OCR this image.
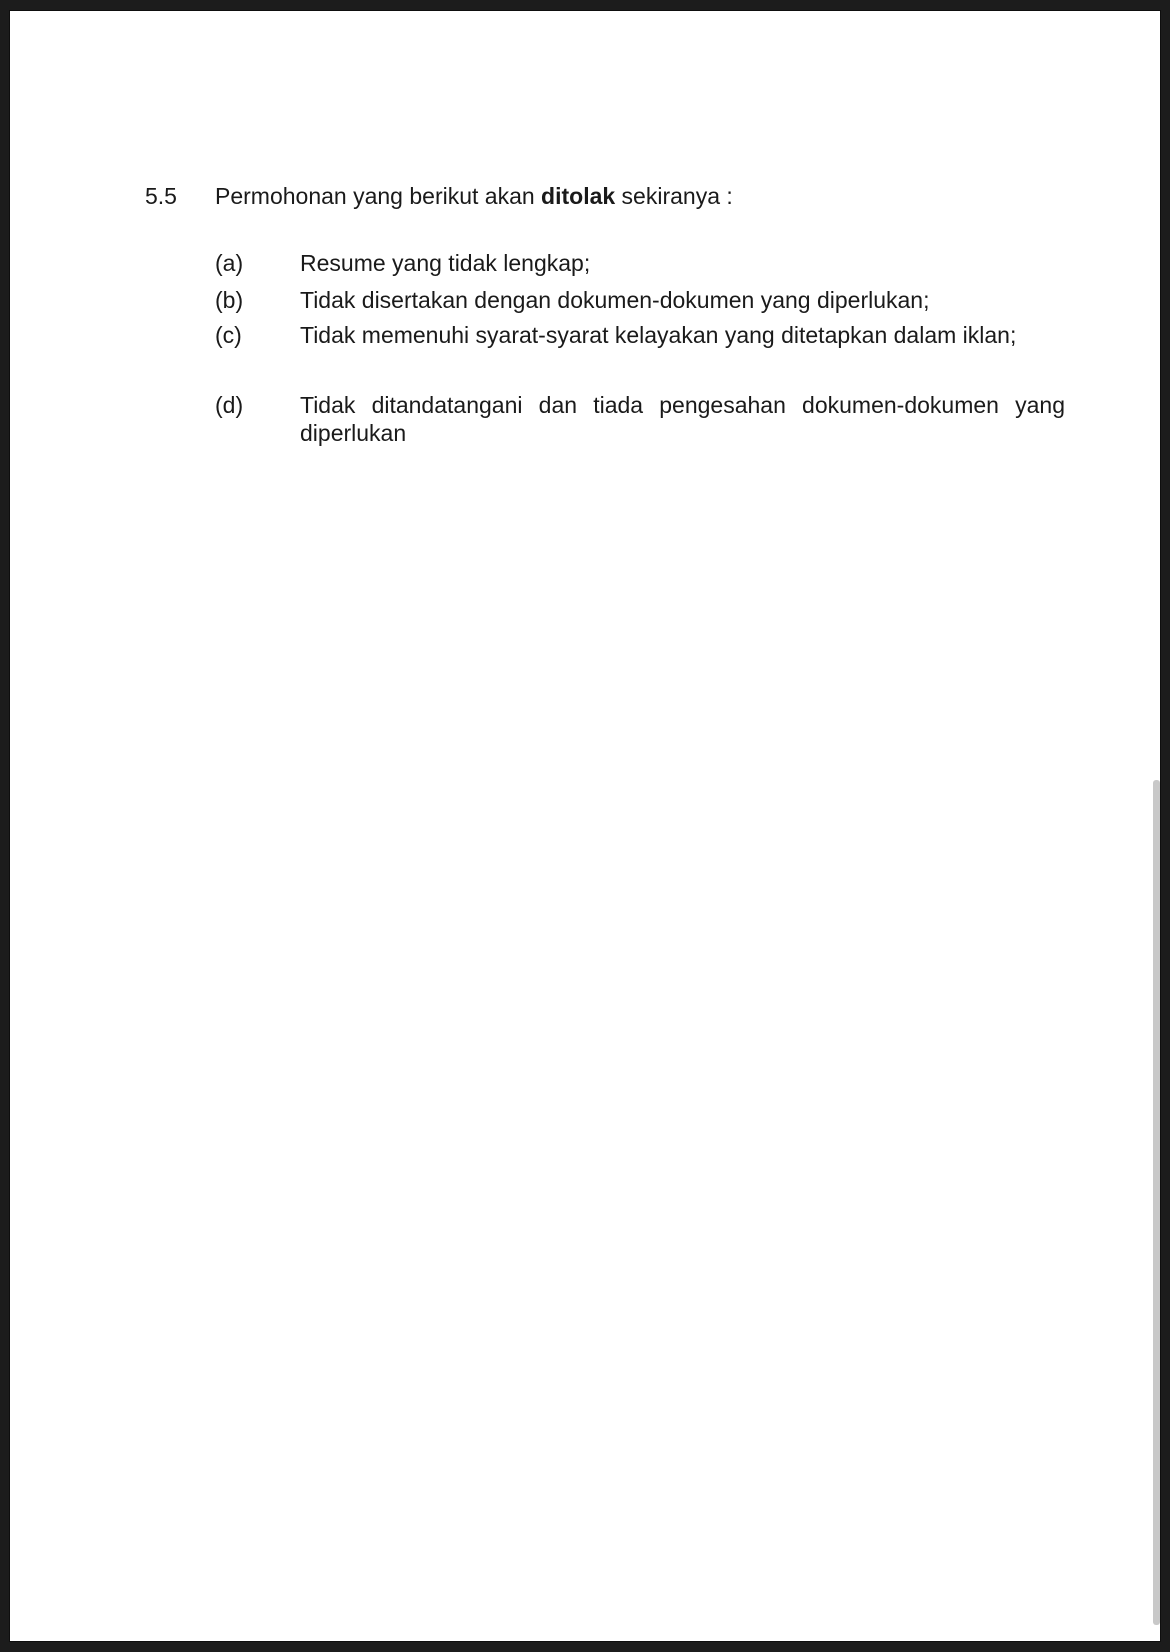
5.5 Permohonan yang berikut akan ditolak sekiranya :
(a)	Resume yang tidak lengkap;
(b)	Tidak disertakan dengan dokumen-dokumen yang diperlukan;
(c)	Tidak memenuhi syarat-syarat kelayakan yang ditetapkan dalam iklan;
(d)	Tidak ditandatangani dan tiada pengesahan dokumen-dokumen yang diperlukan
